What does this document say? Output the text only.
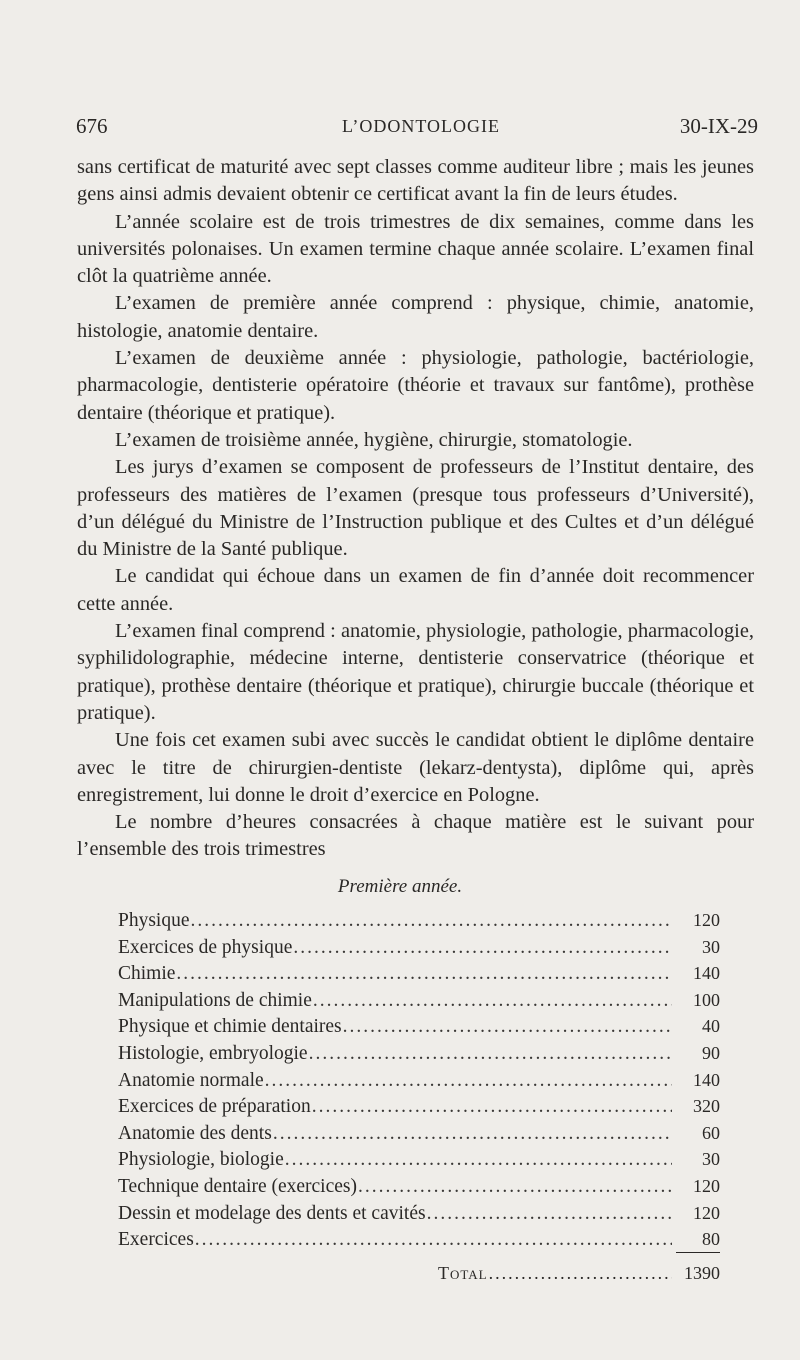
676	L’ODONTOLOGIE	30-IX-29

sans certificat de maturité avec sept classes comme auditeur libre ; mais les jeunes gens ainsi admis devaient obtenir ce certificat avant la fin de leurs études.

L’année scolaire est de trois trimestres de dix semaines, comme dans les universités polonaises. Un examen termine chaque année scolaire. L’examen final clôt la quatrième année.

L’examen de première année comprend : physique, chimie, anatomie, histologie, anatomie dentaire.

L’examen de deuxième année : physiologie, pathologie, bactériologie, pharmacologie, dentisterie opératoire (théorie et travaux sur fantôme), prothèse dentaire (théorique et pratique).

L’examen de troisième année, hygiène, chirurgie, stomatologie.

Les jurys d’examen se composent de professeurs de l’Institut dentaire, des professeurs des matières de l’examen (presque tous professeurs d’Université), d’un délégué du Ministre de l’Instruction publique et des Cultes et d’un délégué du Ministre de la Santé publique.

Le candidat qui échoue dans un examen de fin d’année doit recommencer cette année.

L’examen final comprend : anatomie, physiologie, pathologie, pharmacologie, syphilidolographie, médecine interne, dentisterie conservatrice (théorique et pratique), prothèse dentaire (théorique et pratique), chirurgie buccale (théorique et pratique).

Une fois cet examen subi avec succès le candidat obtient le diplôme dentaire avec le titre de chirurgien-dentiste (lekarz-dentysta), diplôme qui, après enregistrement, lui donne le droit d’exercice en Pologne.

Le nombre d’heures consacrées à chaque matière est le suivant pour l’ensemble des trois trimestres

Première année.
Physique .....	120
Exercices de physique .....	30
Chimie .....	140
Manipulations de chimie .....	100
Physique et chimie dentaires .....	40
Histologie, embryologie .....	90
Anatomie normale .....	140
Exercices de préparation .....	320
Anatomie des dents .....	60
Physiologie, biologie .....	30
Technique dentaire (exercices) .....	120
Dessin et modelage des dents et cavités .....	120
Exercices .....	80
Total .....	1390
